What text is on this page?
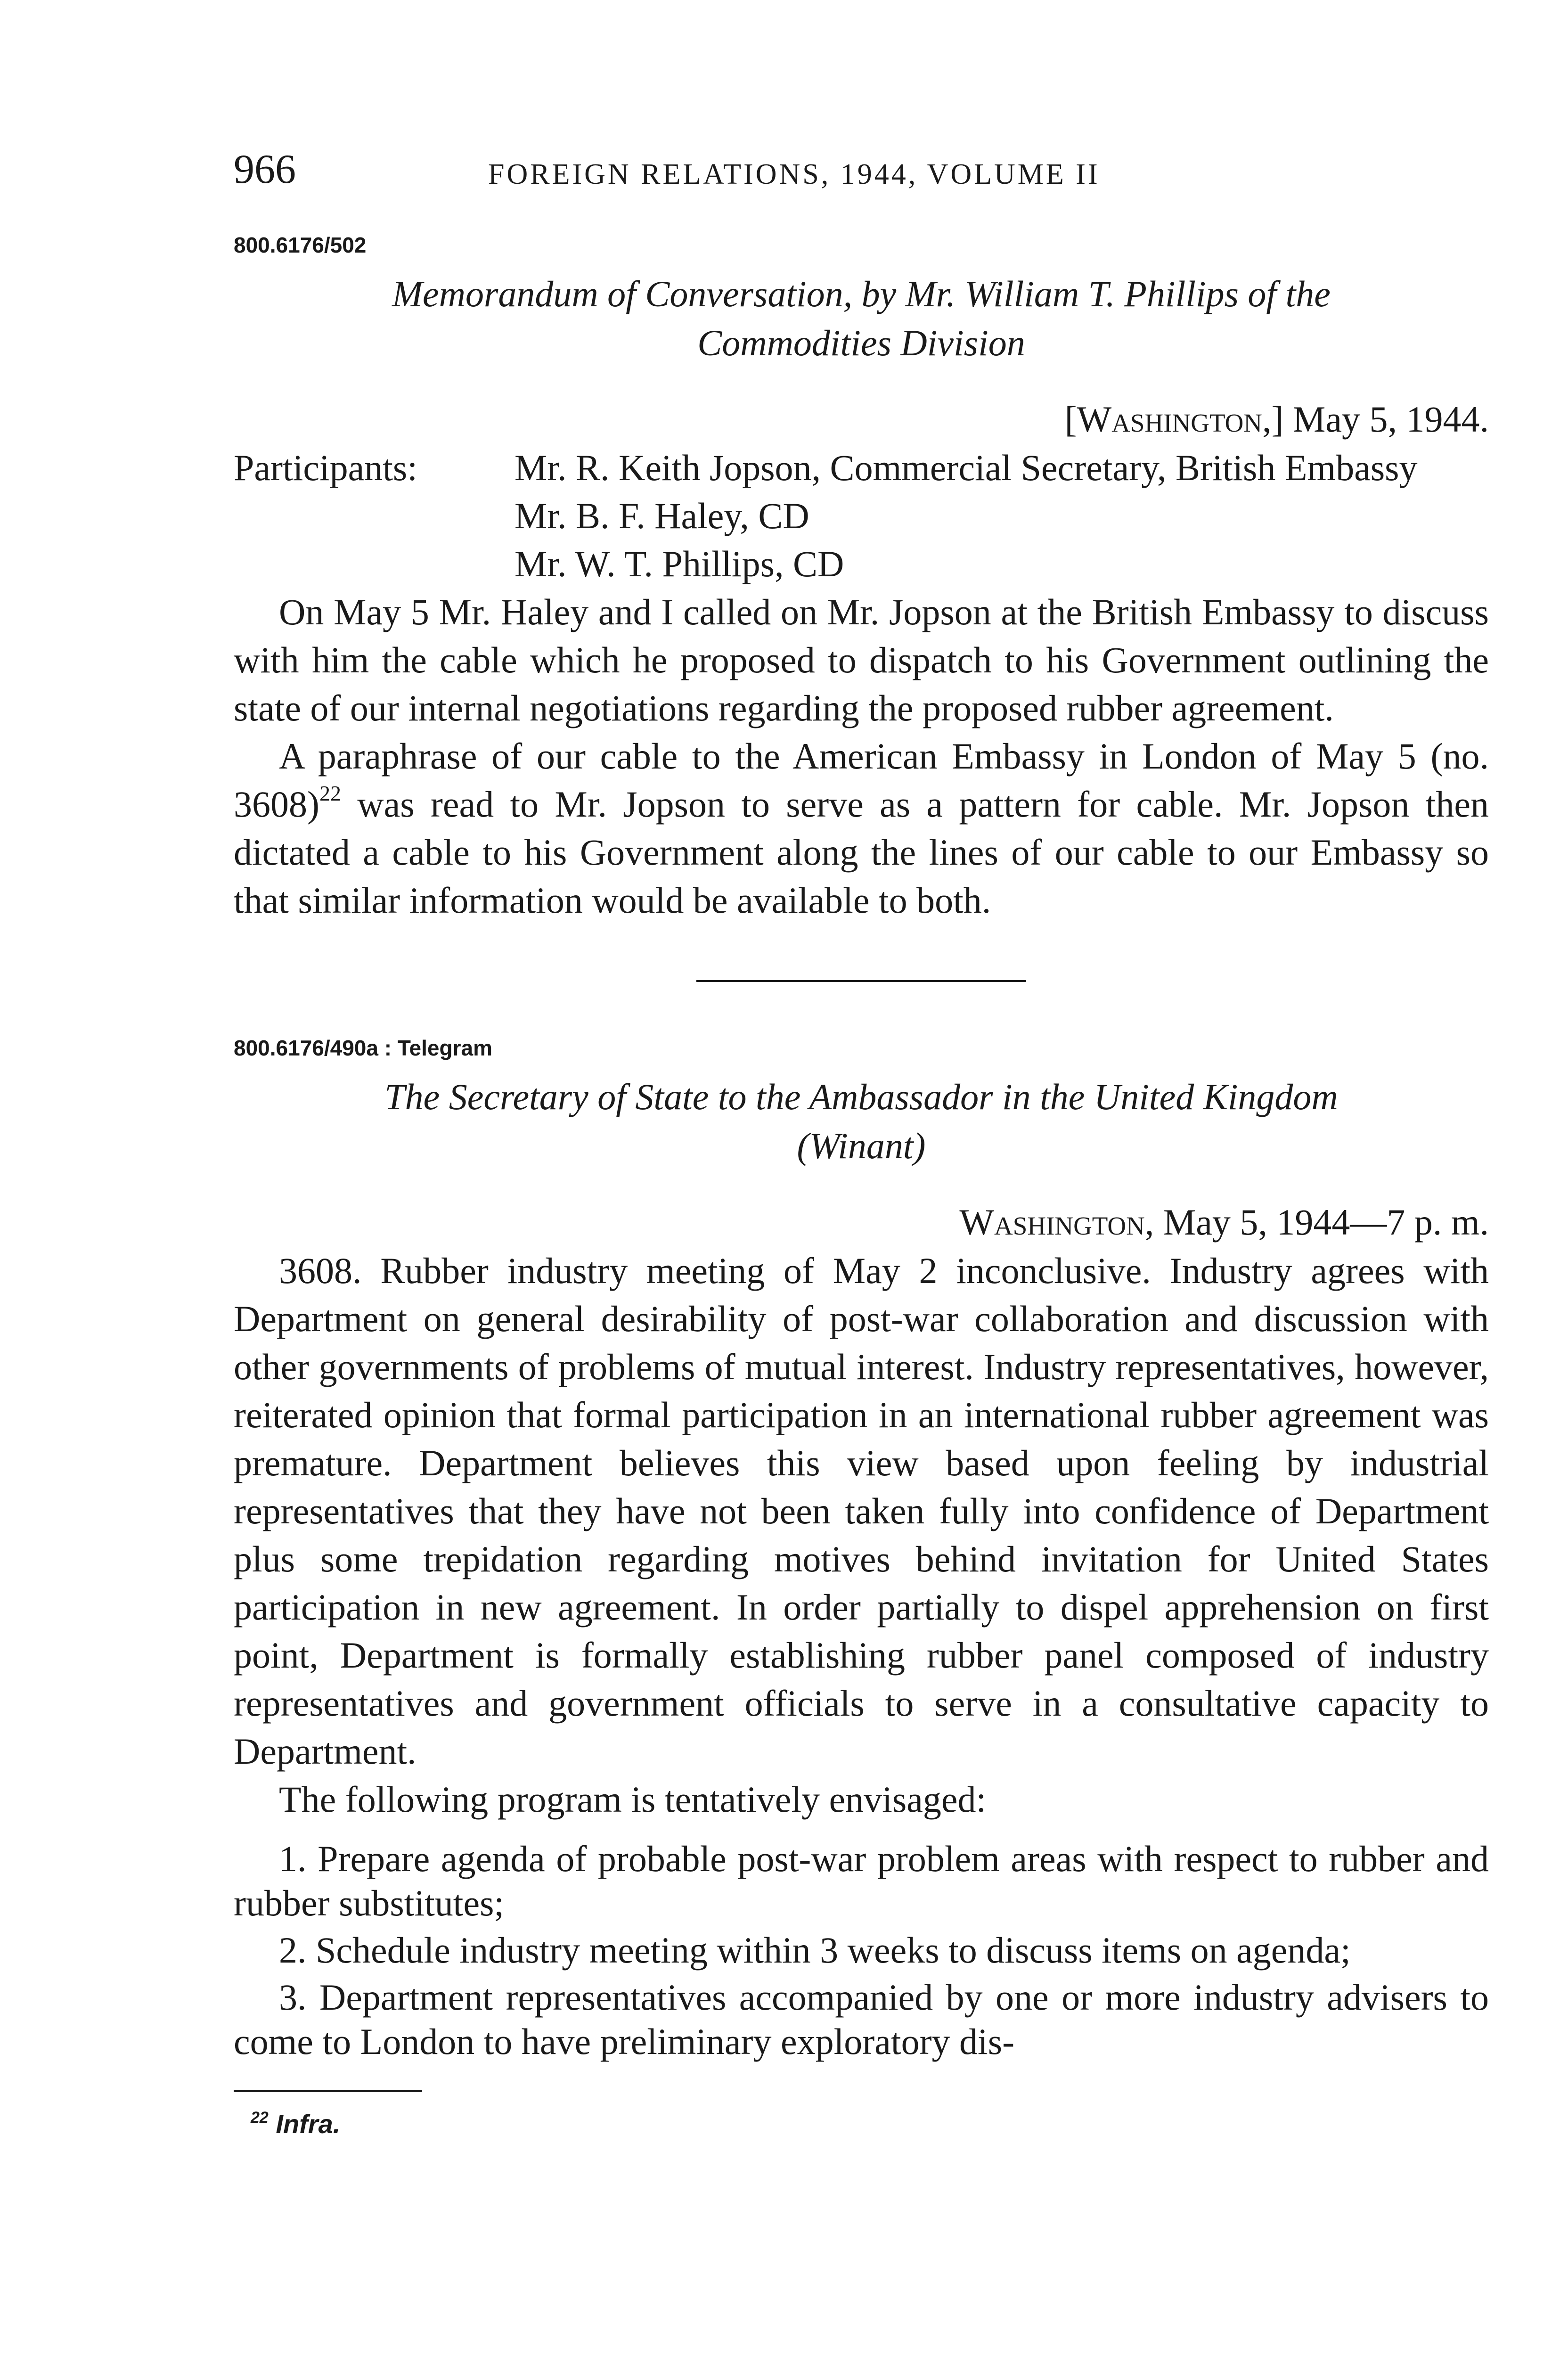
966	FOREIGN RELATIONS, 1944, VOLUME II
800.6176/502
Memorandum of Conversation, by Mr. William T. Phillips of the
Commodities Division
[Washington,] May 5, 1944.
Participants:	Mr. R. Keith Jopson, Commercial Secretary, British Embassy
Mr. B. F. Haley, CD
Mr. W. T. Phillips, CD

On May 5 Mr. Haley and I called on Mr. Jopson at the British Embassy to discuss with him the cable which he proposed to dispatch to his Government outlining the state of our internal negotiations regarding the proposed rubber agreement.

A paraphrase of our cable to the American Embassy in London of May 5 (no. 3608)$^{22}$ was read to Mr. Jopson to serve as a pattern for cable. Mr. Jopson then dictated a cable to his Government along the lines of our cable to our Embassy so that similar information would be available to both.

800.6176/490a : Telegram
The Secretary of State to the Ambassador in the United Kingdom
(Winant)
Washington, May 5, 1944—7 p. m.

3608. Rubber industry meeting of May 2 inconclusive. Industry agrees with Department on general desirability of post-war collaboration and discussion with other governments of problems of mutual interest. Industry representatives, however, reiterated opinion that formal participation in an international rubber agreement was premature. Department believes this view based upon feeling by industrial representatives that they have not been taken fully into confidence of Department plus some trepidation regarding motives behind invitation for United States participation in new agreement. In order partially to dispel apprehension on first point, Department is formally establishing rubber panel composed of industry representatives and government officials to serve in a consultative capacity to Department.

The following program is tentatively envisaged:

1. Prepare agenda of probable post-war problem areas with respect to rubber and rubber substitutes;
2. Schedule industry meeting within 3 weeks to discuss items on agenda;
3. Department representatives accompanied by one or more industry advisers to come to London to have preliminary exploratory dis-
$^{22}$ Infra.
